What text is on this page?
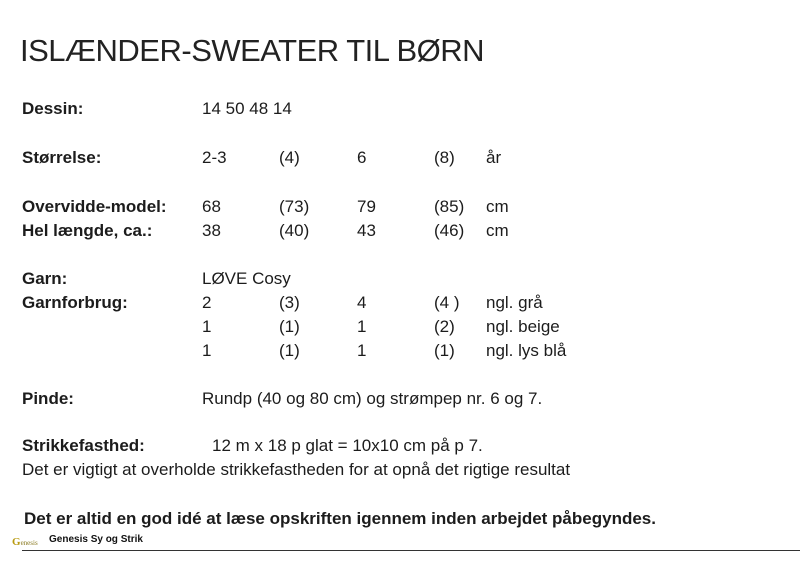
ISLÆNDER-SWEATER TIL BØRN
Dessin:	14 50 48 14
Størrelse:	2-3	(4)	6	(8) år
Overvidde-model: 68	(73)	79	(85) cm
Hel længde, ca.:	38	(40)	43	(46) cm
Garn:	LØVE Cosy
Garnforbrug:	2	(3)	4	(4 ) ngl. grå
1	(1)	1	(2) ngl. beige
1	(1)	1	(1) ngl. lys blå
Pinde:	Rundp (40 og 80 cm) og strømpep nr. 6 og 7.
Strikkefasthed:	12 m x 18 p glat = 10x10 cm på p 7.
Det er vigtigt at overholde strikkefastheden for at opnå det rigtige resultat
Det er altid en god idé at læse opskriften igennem inden arbejdet påbegyndes.
Genesis Genesis Sy og Strik
